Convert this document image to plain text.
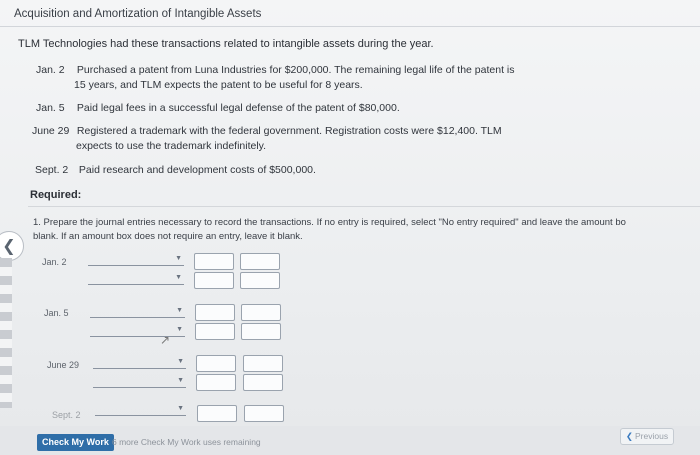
Acquisition and Amortization of Intangible Assets
TLM Technologies had these transactions related to intangible assets during the year.
Jan. 2 Purchased a patent from Luna Industries for $200,000. The remaining legal life of the patent is
15 years, and TLM expects the patent to be useful for 8 years.
Jan. 5 Paid legal fees in a successful legal defense of the patent of $80,000.
June 29 Registered a trademark with the federal government. Registration costs were $12,400. TLM
expects to use the trademark indefinitely.
Sept. 2 Paid research and development costs of $500,000.
Required:
1. Prepare the journal entries necessary to record the transactions. If no entry is required, select "No entry required" and leave the amount bo
blank. If an amount box does not require an entry, leave it blank.
❮
Jan. 2	▼
▼
Jan. 5	▼
▼
↗
June 29	▼
▼
Sept. 2
▼
Check My Work 6 more Check My Work uses remaining
❮ Previous
